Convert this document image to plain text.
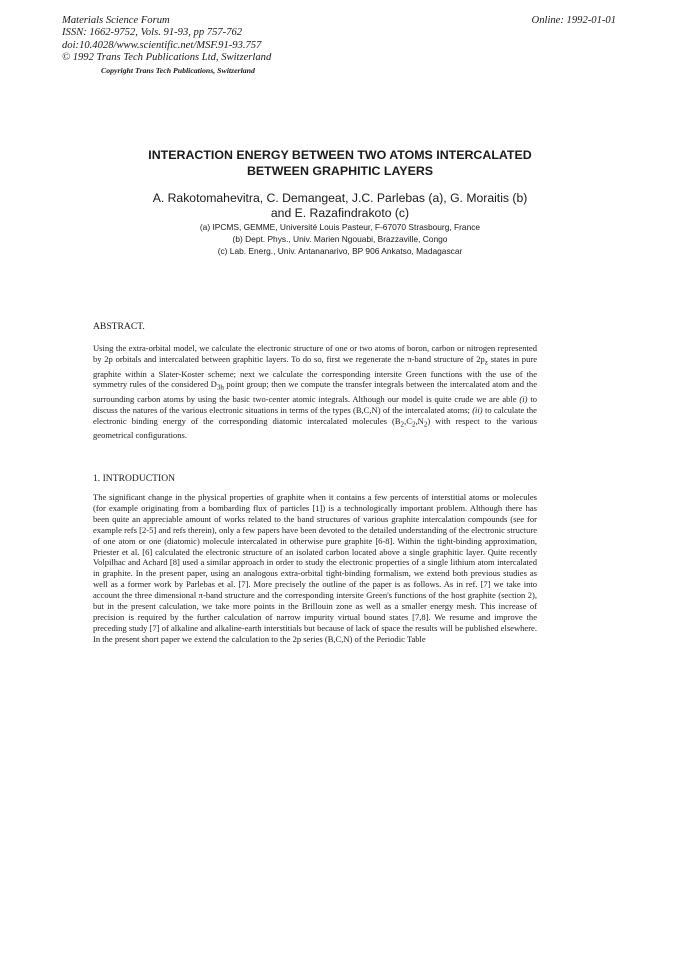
Materials Science Forum
ISSN: 1662-9752, Vols. 91-93, pp 757-762
doi:10.4028/www.scientific.net/MSF.91-93.757
© 1992 Trans Tech Publications Ltd, Switzerland
Online: 1992-01-01
Copyright Trans Tech Publications, Switzerland
INTERACTION ENERGY BETWEEN TWO ATOMS INTERCALATED
BETWEEN GRAPHITIC LAYERS
A. Rakotomahevitra, C. Demangeat, J.C. Parlebas (a), G. Moraitis (b)
and E. Razafindrakoto (c)
(a) IPCMS, GEMME, Université Louis Pasteur, F-67070 Strasbourg, France
(b) Dept. Phys., Univ. Marien Ngouabi, Brazzaville, Congo
(c) Lab. Energ., Univ. Antananarivo, BP 906 Ankatso, Madagascar
ABSTRACT.
Using the extra-orbital model, we calculate the electronic structure of one or two atoms of boron, carbon or nitrogen represented by 2p orbitals and intercalated between graphitic layers. To do so, first we regenerate the π-band structure of $2p_z$ states in pure graphite within a Slater-Koster scheme; next we calculate the corresponding intersite Green functions with the use of the symmetry rules of the considered $D_{3h}$ point group; then we compute the transfer integrals between the intercalated atom and the surrounding carbon atoms by using the basic two-center atomic integrals. Although our model is quite crude we are able (i) to discuss the natures of the various electronic situations in terms of the types (B,C,N) of the intercalated atoms; (ii) to calculate the electronic binding energy of the corresponding diatomic intercalated molecules $(B_2,C_2,N_2)$ with respect to the various geometrical configurations.
1. INTRODUCTION
The significant change in the physical properties of graphite when it contains a few percents of interstitial atoms or molecules (for example originating from a bombarding flux of particles [1]) is a technologically important problem. Although there has been quite an appreciable amount of works related to the band structures of various graphite intercalation compounds (see for example refs [2-5] and refs therein), only a few papers have been devoted to the detailed understanding of the electronic structure of one atom or one (diatomic) molecule intercalated in otherwise pure graphite [6-8]. Within the tight-binding approximation, Priester et al. [6] calculated the electronic structure of an isolated carbon located above a single graphitic layer. Quite recently Volpilhac and Achard [8] used a similar approach in order to study the electronic properties of a single lithium atom intercalated in graphite. In the present paper, using an analogous extra-orbital tight-binding formalism, we extend both previous studies as well as a former work by Parlebas et al. [7]. More precisely the outline of the paper is as follows. As in ref. [7] we take into account the three dimensional π-band structure and the corresponding intersite Green's functions of the host graphite (section 2), but in the present calculation, we take more points in the Brillouin zone as well as a smaller energy mesh. This increase of precision is required by the further calculation of narrow impurity virtual bound states [7,8]. We resume and improve the preceding study [7] of alkaline and alkaline-earth interstitials but because of lack of space the results will be published elsewhere. In the present short paper we extend the calculation to the 2p series (B,C,N) of the Periodic Table
